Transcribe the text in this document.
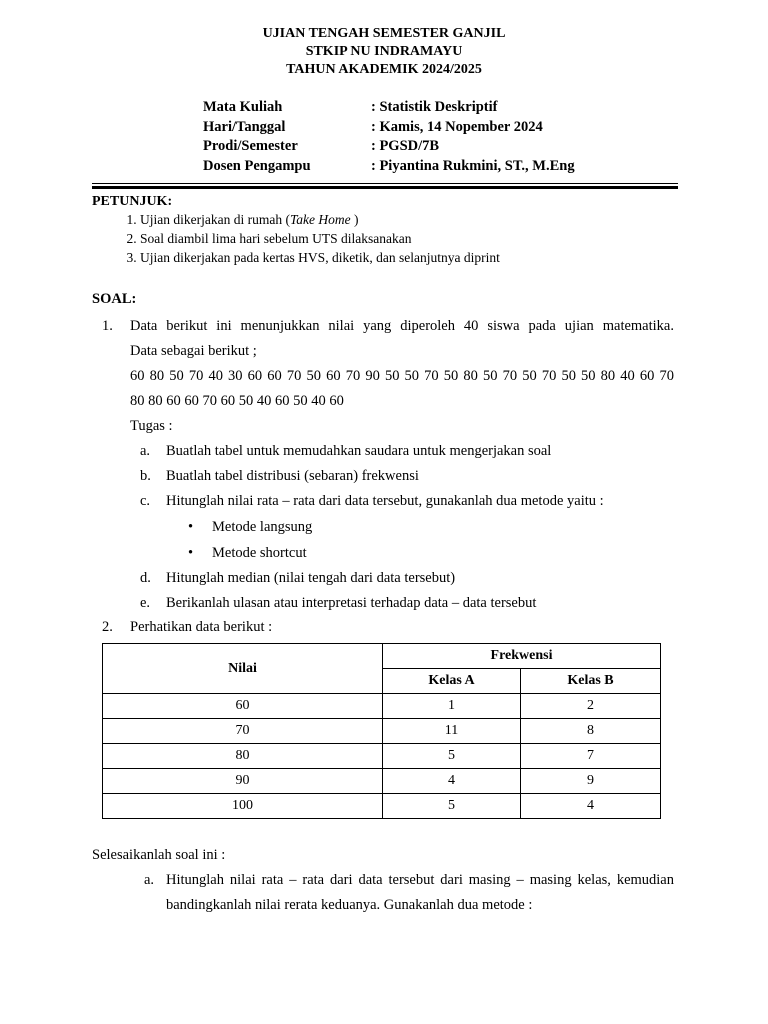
UJIAN TENGAH SEMESTER GANJIL
STKIP NU INDRAMAYU
TAHUN AKADEMIK 2024/2025
Mata Kuliah	: Statistik Deskriptif
Hari/Tanggal	: Kamis, 14 Nopember 2024
Prodi/Semester	: PGSD/7B
Dosen Pengampu	: Piyantina Rukmini, ST., M.Eng
PETUNJUK:
1. Ujian dikerjakan di rumah (Take Home )
2. Soal diambil lima hari sebelum UTS dilaksanakan
3. Ujian dikerjakan pada kertas HVS, diketik, dan selanjutnya diprint
SOAL:
1.	Data berikut ini menunjukkan nilai yang diperoleh 40 siswa pada ujian matematika.
Data sebagai berikut ;
60 80 50 70 40 30 60 60 70 50 60 70 90 50 50 70 50 80 50 70 50 70 50 50 80 40 60 70
80 80 60 60 70 60 50 40 60 50 40 60
Tugas :
a.	Buatlah tabel untuk memudahkan saudara untuk mengerjakan soal
b.	Buatlah tabel distribusi (sebaran) frekwensi
c.	Hitunglah nilai rata – rata dari data tersebut, gunakanlah dua metode yaitu :
•	Metode langsung
•	Metode shortcut
d.	Hitunglah median (nilai tengah dari data tersebut)
e.	Berikanlah ulasan atau interpretasi terhadap data – data tersebut
2.	Perhatikan data berikut :
Nilai	Frekwensi	
	Kelas A	Kelas B
60	1	2
70	11	8
80	5	7
90	4	9
100	5	4
Selesaikanlah soal ini :
a. Hitunglah nilai rata – rata dari data tersebut dari masing – masing kelas, kemudian
bandingkanlah nilai rerata keduanya. Gunakanlah dua metode :
